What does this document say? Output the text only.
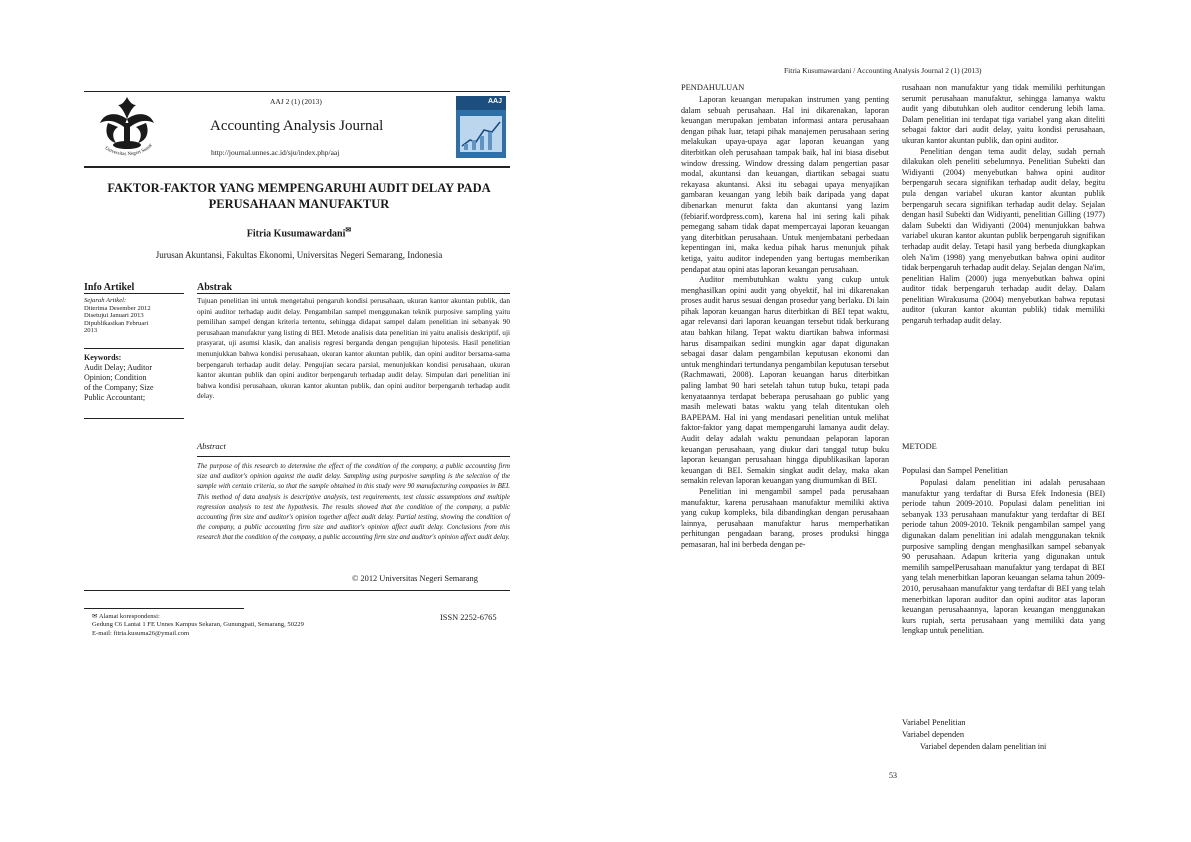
Universitas Negeri Semar
AAJ 2 (1) (2013)
Accounting Analysis Journal
http://journal.unnes.ac.id/sju/index.php/aaj
AAJ
FAKTOR-FAKTOR YANG MEMPENGARUHI AUDIT DELAY PADA
PERUSAHAAN MANUFAKTUR
Fitria Kusumawardani✉
Jurusan Akuntansi, Fakultas Ekonomi, Universitas Negeri Semarang, Indonesia
Info Artikel
Sejarah Artikel:
Diterima Desember 2012
Disetujui Januari 2013
Dipublikasikan Februari
2013
Keywords:
Audit Delay; Auditor
Opinion; Condition
of the Company; Size
Public Accountant;
Abstrak
Tujuan penelitian ini untuk mengetahui pengaruh kondisi perusahaan, ukuran kantor akuntan publik, dan opini auditor terhadap audit delay. Pengambilan sampel menggunakan teknik purposive sampling yaitu pemilihan sampel dengan kriteria tertentu, sehingga didapat sampel dalam penelitian ini sebanyak 90 perusahaan manufaktur yang listing di BEI. Metode analisis data penelitian ini yaitu analisis deskriptif, uji prasyarat, uji asumsi klasik, dan analisis regresi berganda dengan pengujian hipotesis. Hasil penelitian menunjukkan bahwa kondisi perusahaan, ukuran kantor akuntan publik, dan opini auditor bersama-sama berpengaruh terhadap audit delay. Pengujian secara parsial, menunjukkan kondisi perusahaan, ukuran kantor akuntan publik dan opini auditor berpengaruh terhadap audit delay. Simpulan dari penelitian ini bahwa kondisi perusahaan, ukuran kantor akuntan publik, dan opini auditor berpengaruh terhadap audit delay.
Abstract
The purpose of this research to determine the effect of the condition of the company, a public accounting firm size and auditor's opinion against the audit delay. Sampling using purposive sampling is the selection of the sample with certain criteria, so that the sample obtained in this study were 90 manufacturing companies in BEI. This method of data analysis is descriptive analysis, test requirements, test classic assumptions and multiple regression analysis to test the hypothesis. The results showed that the condition of the company, a public accounting firm size and auditor's opinion together affect audit delay. Partial testing, showing the condition of the company, a public accounting firm size and auditor's opinion affect audit delay. Conclusions from this research that the condition of the company, a public accounting firm size and auditor's opinion affect audit delay.
© 2012 Universitas Negeri Semarang
✉ Alamat korespondensi:
Gedung C6 Lantai 1 FE Unnes Kampus Sekaran, Gunungpati, Semarang, 50229
E-mail: fitria.kusuma26@ymail.com
ISSN 2252-6765
Fitria Kusumawardani / Accounting Analysis Journal 2 (1) (2013)
PENDAHULUAN

Laporan keuangan merupakan instrumen yang penting dalam sebuah perusahaan. Hal ini dikarenakan, laporan keuangan merupakan jembatan informasi antara perusahaan dengan pihak luar, tetapi pihak manajemen perusahaan sering melakukan upaya-upaya agar laporan keuangan yang diterbitkan oleh perusahaan tampak baik, hal ini biasa disebut window dressing. Window dressing dalam pengertian pasar modal, akuntansi dan keuangan, diartikan sebagai suatu rekayasa akuntansi. Aksi itu sebagai upaya menyajikan gambaran keuangan yang lebih baik daripada yang dapat dibenarkan menurut fakta dan akuntansi yang lazim (febiarif.wordpress.com), karena hal ini sering kali pihak pemegang saham tidak dapat mempercayai laporan keuangan yang diterbitkan perusahaan. Untuk menjembatani perbedaan kepentingan ini, maka kedua pihak harus menunjuk pihak ketiga, yaitu auditor independen yang bertugas memberikan pendapat atau opini atas laporan keuangan perusahaan.

Auditor membutuhkan waktu yang cukup untuk menghasilkan opini audit yang obyektif, hal ini dikarenakan proses audit harus sesuai dengan prosedur yang berlaku. Di lain pihak laporan keuangan harus diterbitkan di BEI tepat waktu, agar relevansi dari laporan keuangan tersebut tidak berkurang atau bahkan hilang. Tepat waktu diartikan bahwa informasi harus disampaikan sedini mungkin agar dapat digunakan sebagai dasar dalam pengambilan keputusan ekonomi dan untuk menghindari tertundanya pengambilan keputusan tersebut (Rachmawati, 2008). Laporan keuangan harus diterbitkan paling lambat 90 hari setelah tahun tutup buku, tetapi pada kenyataannya terdapat beberapa perusahaan go public yang masih melewati batas waktu yang telah ditentukan oleh BAPEPAM. Hal ini yang mendasari penelitian untuk melihat faktor-faktor yang dapat mempengaruhi lamanya audit delay. Audit delay adalah waktu penundaan pelaporan laporan keuangan perusahaan, yang diukur dari tanggal tutup buku laporan keuangan perusahaan hingga dipublikasikan laporan keuangan di BEI. Semakin singkat audit delay, maka akan semakin relevan laporan keuangan yang diumumkan di BEI.

Penelitian ini mengambil sampel pada perusahaan manufaktur, karena perusahaan manufaktur memiliki aktiva yang cukup kompleks, bila dibandingkan dengan perusahaan lainnya, perusahaan manufaktur harus memperhatikan perhitungan pengadaan barang, proses produksi hingga pemasaran, hal ini berbeda dengan pe-

rusahaan non manufaktur yang tidak memiliki perhitungan serumit perusahaan manufaktur, sehingga lamanya waktu audit yang dibutuhkan oleh auditor cenderung lebih lama. Dalam penelitian ini terdapat tiga variabel yang akan diteliti sebagai faktor dari audit delay, yaitu kondisi perusahaan, ukuran kantor akuntan publik, dan opini auditor.

Penelitian dengan tema audit delay, sudah pernah dilakukan oleh peneliti sebelumnya. Penelitian Subekti dan Widiyanti (2004) menyebutkan bahwa opini auditor berpengaruh secara signifikan terhadap audit delay, begitu pula dengan variabel ukuran kantor akuntan publik berpengaruh secara signifikan terhadap audit delay. Sejalan dengan hasil Subekti dan Widiyanti, penelitian Gilling (1977) dalam Subekti dan Widiyanti (2004) menunjukkan bahwa variabel ukuran kantor akuntan publik berpengaruh signifikan terhadap audit delay. Tetapi hasil yang berbeda diungkapkan oleh Na'im (1998) yang menyebutkan bahwa opini auditor tidak berpengaruh terhadap audit delay. Sejalan dengan Na'im, penelitian Halim (2000) juga menyebutkan bahwa opini auditor tidak berpengaruh terhadap audit delay. Dalam penelitian Wirakusuma (2004) menyebutkan bahwa reputasi auditor (ukuran kantor akuntan publik) tidak memiliki pengaruh terhadap audit delay.

METODE
Populasi dan Sampel Penelitian

Populasi dalam penelitian ini adalah perusahaan manufaktur yang terdaftar di Bursa Efek Indonesia (BEI) periode tahun 2009-2010. Populasi dalam penelitian ini sebanyak 133 perusahaan manufaktur yang terdaftar di BEI periode tahun 2009-2010. Teknik pengambilan sampel yang digunakan dalam penelitian ini adalah menggunakan teknik purposive sampling dengan menghasilkan sampel sebanyak 90 perusahaan. Adapun kriteria yang digunakan untuk memilih sampelPerusahaan manufaktur yang terdapat di BEI yang telah menerbitkan laporan keuangan selama tahun 2009-2010, perusahaan manufaktur yang terdaftar di BEI yang telah menerbitkan laporan auditor dan opini auditor atas laporan keuangan perusahaannya, laporan keuangan menggunakan kurs rupiah, serta perusahaan yang memiliki data yang lengkap untuk penelitian.

Variabel Penelitian
Variabel dependen

Variabel dependen dalam penelitian ini

53
